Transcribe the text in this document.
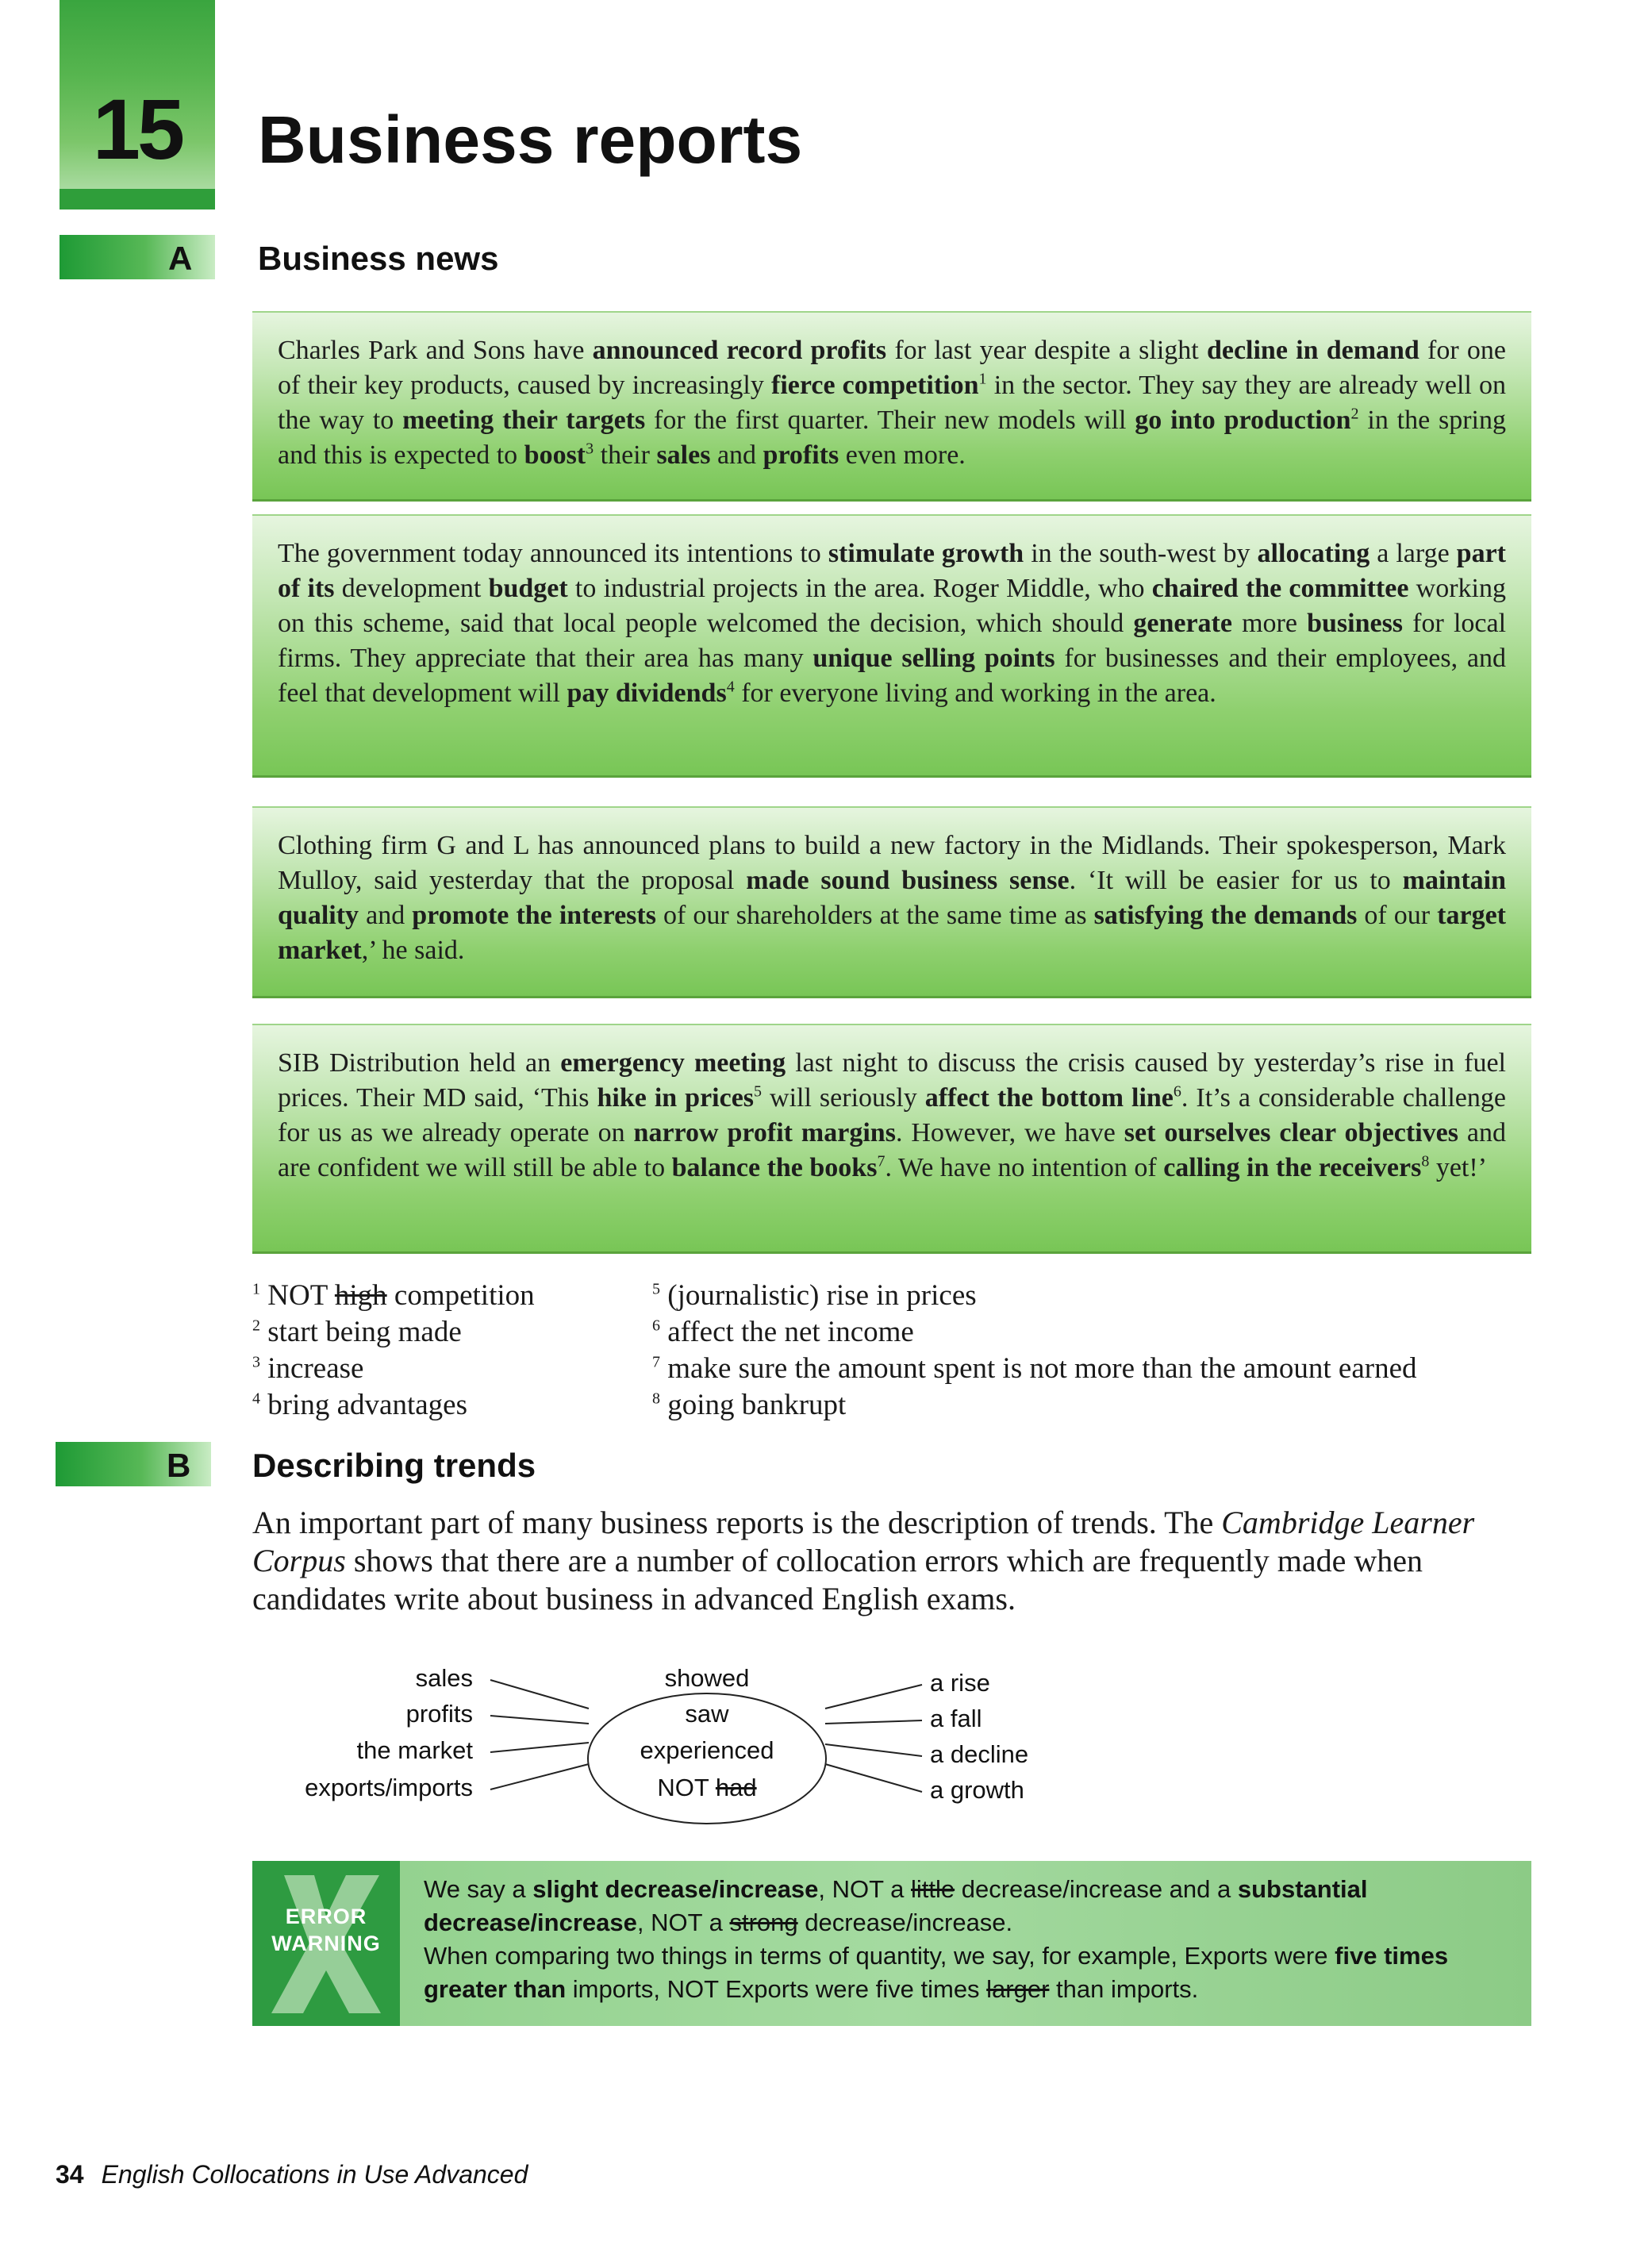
15	Business reports
A Business news
Charles Park and Sons have announced record profits for last year despite a slight decline in demand for one of their key products, caused by increasingly fierce competition$^1$ in the sector. They say they are already well on the way to meeting their targets for the first quarter. Their new models will go into production$^2$ in the spring and this is expected to boost$^3$ their sales and profits even more.
The government today announced its intentions to stimulate growth in the south-west by allocating a large part of its development budget to industrial projects in the area. Roger Middle, who chaired the committee working on this scheme, said that local people welcomed the decision, which should generate more business for local firms. They appreciate that their area has many unique selling points for businesses and their employees, and feel that development will pay dividends$^4$ for everyone living and working in the area.
Clothing firm G and L has announced plans to build a new factory in the Midlands. Their spokesperson, Mark Mulloy, said yesterday that the proposal made sound business sense. ‘It will be easier for us to maintain quality and promote the interests of our shareholders at the same time as satisfying the demands of our target market,’ he said.
SIB Distribution held an emergency meeting last night to discuss the crisis caused by yesterday’s rise in fuel prices. Their MD said, ‘This hike in prices$^5$ will seriously affect the bottom line$^6$. It’s a considerable challenge for us as we already operate on narrow profit margins. However, we have set ourselves clear objectives and are confident we will still be able to balance the books$^7$. We have no intention of calling in the receivers$^8$ yet!’
$^1$ NOT high competition
$^2$ start being made
$^3$ increase
$^4$ bring advantages
$^5$ (journalistic) rise in prices
$^6$ affect the net income
$^7$ make sure the amount spent is not more than the amount earned
$^8$ going bankrupt
B Describing trends
An important part of many business reports is the description of trends. The Cambridge Learner Corpus shows that there are a number of collocation errors which are frequently made when candidates write about business in advanced English exams.
sales
profits
the market
exports/imports
showed
saw
experienced
NOT had
a rise
a fall
a decline
a growth
ERROR
WARNING
We say a slight decrease/increase, NOT a little decrease/increase and a substantial decrease/increase, NOT a strong decrease/increase.
When comparing two things in terms of quantity, we say, for example, Exports were five times greater than imports, NOT Exports were five times larger than imports.
34 English Collocations in Use Advanced
